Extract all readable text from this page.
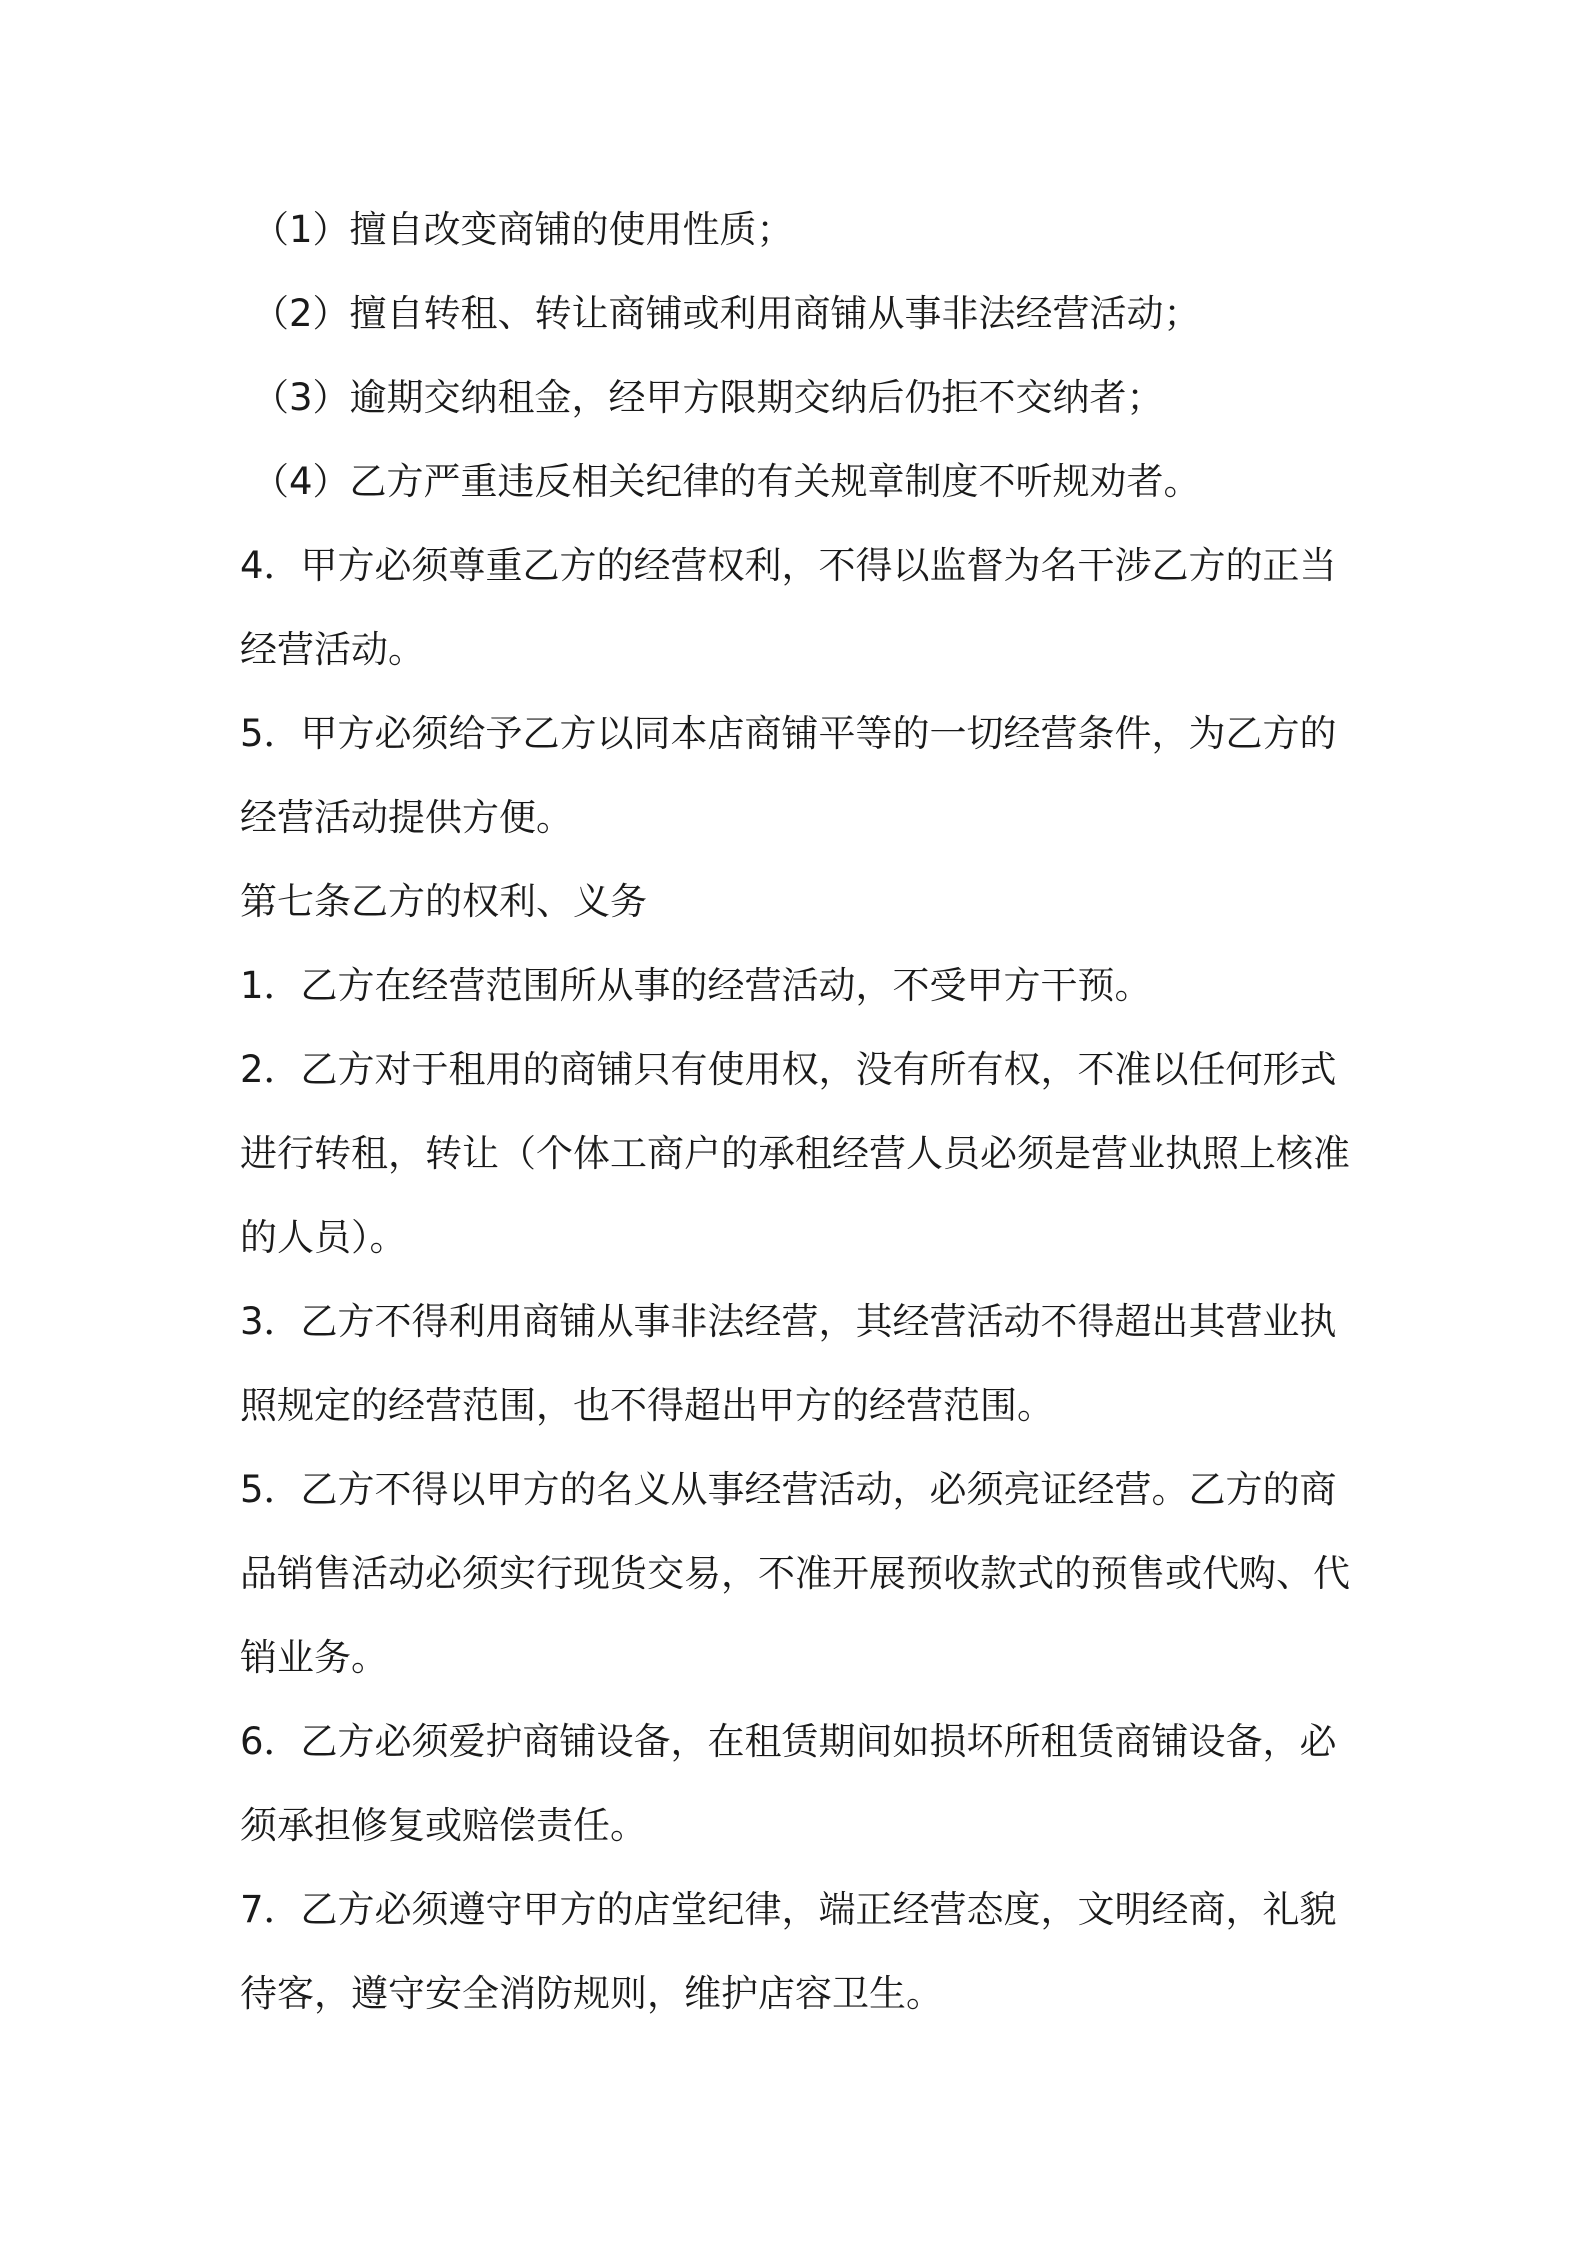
（1）擅自改变商铺的使用性质；
（2）擅自转租、转让商铺或利用商铺从事非法经营活动；
（3）逾期交纳租金，经甲方限期交纳后仍拒不交纳者；
（4）乙方严重违反相关纪律的有关规章制度不听规劝者。
4．甲方必须尊重乙方的经营权利，不得以监督为名干涉乙方的正当
经营活动。
5．甲方必须给予乙方以同本店商铺平等的一切经营条件，为乙方的
经营活动提供方便。
第七条乙方的权利、义务
1．乙方在经营范围所从事的经营活动，不受甲方干预。
2．乙方对于租用的商铺只有使用权，没有所有权，不准以任何形式
进行转租，转让（个体工商户的承租经营人员必须是营业执照上核准
的人员）。
3．乙方不得利用商铺从事非法经营，其经营活动不得超出其营业执
照规定的经营范围，也不得超出甲方的经营范围。
5．乙方不得以甲方的名义从事经营活动，必须亮证经营。乙方的商
品销售活动必须实行现货交易，不准开展预收款式的预售或代购、代
销业务。
6．乙方必须爱护商铺设备，在租赁期间如损坏所租赁商铺设备，必
须承担修复或赔偿责任。
7．乙方必须遵守甲方的店堂纪律，端正经营态度，文明经商，礼貌
待客，遵守安全消防规则，维护店容卫生。
